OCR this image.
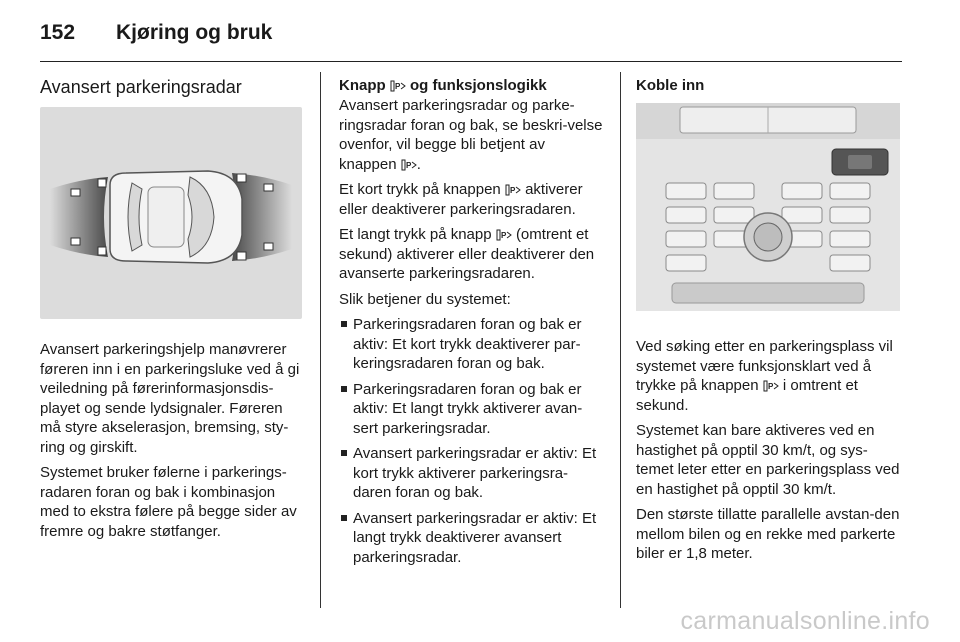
152	Kjøring og bruk
Avansert parkeringsradar

Avansert parkeringshjelp manøvrerer føreren inn i en parkeringsluke ved å gi veiledning på førerinformasjonsdis-playet og sende lydsignaler. Føreren må styre akselerasjon, bremsing, sty-ring og girskift.

Systemet bruker følerne i parkerings-radaren foran og bak i kombinasjon med to ekstra følere på begge sider av fremre og bakre støtfanger.

Knapp P og funksjonslogikk

Avansert parkeringsradar og parke-ringsradar foran og bak, se beskri-velse ovenfor, vil begge bli betjent av knappen P .

Et kort trykk på knappen P aktiverer eller deaktiverer parkeringsradaren.

Et langt trykk på knapp P (omtrent et sekund) aktiverer eller deaktiverer den avanserte parkeringsradaren.

Slik betjener du systemet:

Parkeringsradaren foran og bak er aktiv: Et kort trykk deaktiverer par-keringsradaren foran og bak.
Parkeringsradaren foran og bak er aktiv: Et langt trykk aktiverer avan-sert parkeringsradar.
Avansert parkeringsradar er aktiv: Et kort trykk aktiverer parkeringsra-daren foran og bak.
Avansert parkeringsradar er aktiv: Et langt trykk deaktiverer avansert parkeringsradar.
Koble inn

Ved søking etter en parkeringsplass vil systemet være funksjonsklart ved å trykke på knappen P i omtrent et sekund.

Systemet kan bare aktiveres ved en hastighet på opptil 30 km/t, og sys-temet leter etter en parkeringsplass ved en hastighet på opptil 30 km/t.

Den største tillatte parallelle avstan-den mellom bilen og en rekke med parkerte biler er 1,8 meter.

carmanualsonline.info
